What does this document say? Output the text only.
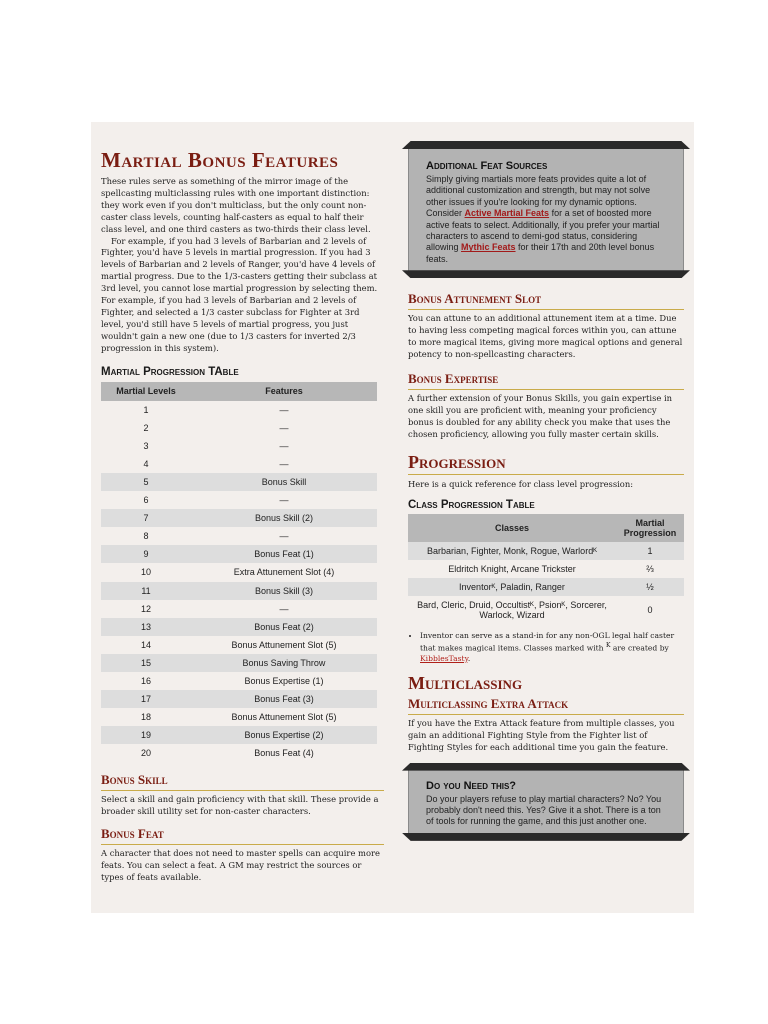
Martial Bonus Features

These rules serve as something of the mirror image of the spellcasting multiclassing rules with one important distinction: they work even if you don't multiclass, but the only count non-caster class levels, counting half-casters as equal to half their class level, and one third casters as two-thirds their class level.

For example, if you had 3 levels of Barbarian and 2 levels of Fighter, you'd have 5 levels in martial progression. If you had 3 levels of Barbarian and 2 levels of Ranger, you'd have 4 levels of martial progress. Due to the 1/3-casters getting their subclass at 3rd level, you cannot lose martial progression by selecting them. For example, if you had 3 levels of Barbarian and 2 levels of Fighter, and selected a 1/3 caster subclass for Fighter at 3rd level, you'd still have 5 levels of martial progress, you just wouldn't gain a new one (due to 1/3 casters for inverted 2/3 progression in this system).

Martial Progression TAble
Martial Levels	Features
1	—
2	—
3	—
4	—
5	Bonus Skill
6	—
7	Bonus Skill (2)
8	—
9	Bonus Feat (1)
10	Extra Attunement Slot (4)
11	Bonus Skill (3)
12	—
13	Bonus Feat (2)
14	Bonus Attunement Slot (5)
15	Bonus Saving Throw
16	Bonus Expertise (1)
17	Bonus Feat (3)
18	Bonus Attunement Slot (5)
19	Bonus Expertise (2)
20	Bonus Feat (4)
Bonus Skill

Select a skill and gain proficiency with that skill. These provide a broader skill utility set for non-caster characters.

Bonus Feat

A character that does not need to master spells can acquire more feats. You can select a feat. A GM may restrict the sources or types of feats available.

Additional Feat Sources

Simply giving martials more feats provides quite a lot of additional customization and strength, but may not solve other issues if you're looking for my dynamic options. Consider Active Martial Feats for a set of boosted more active feats to select. Additionally, if you prefer your martial characters to ascend to demi-god status, considering allowing Mythic Feats for their 17th and 20th level bonus feats.

Bonus Attunement Slot

You can attune to an additional attunement item at a time. Due to having less competing magical forces within you, can attune to more magical items, giving more magical options and general potency to non-spellcasting characters.

Bonus Expertise

A further extension of your Bonus Skills, you gain expertise in one skill you are proficient with, meaning your proficiency bonus is doubled for any ability check you make that uses the chosen proficiency, allowing you fully master certain skills.

Progression

Here is a quick reference for class level progression:

Class Progression Table
Classes	Martial Progression
Barbarian, Fighter, Monk, Rogue, Warlordᴷ	1
Eldritch Knight, Arcane Trickster	⅔
Inventorᴷ, Paladin, Ranger	½
Bard, Cleric, Druid, Occultistᴷ, Psionᴷ, Sorcerer, Warlock, Wizard	0
• Inventor can serve as a stand-in for any non-OGL legal half caster that makes magical items. Classes marked with $^K$ are created by KibblesTasty.
Multiclassing
Multiclassing Extra Attack

If you have the Extra Attack feature from multiple classes, you gain an additional Fighting Style from the Fighter list of Fighting Styles for each additional time you gain the feature.

Do you Need this?

Do your players refuse to play martial characters? No? You probably don't need this. Yes? Give it a shot. There is a ton of tools for running the game, and this just another one.
